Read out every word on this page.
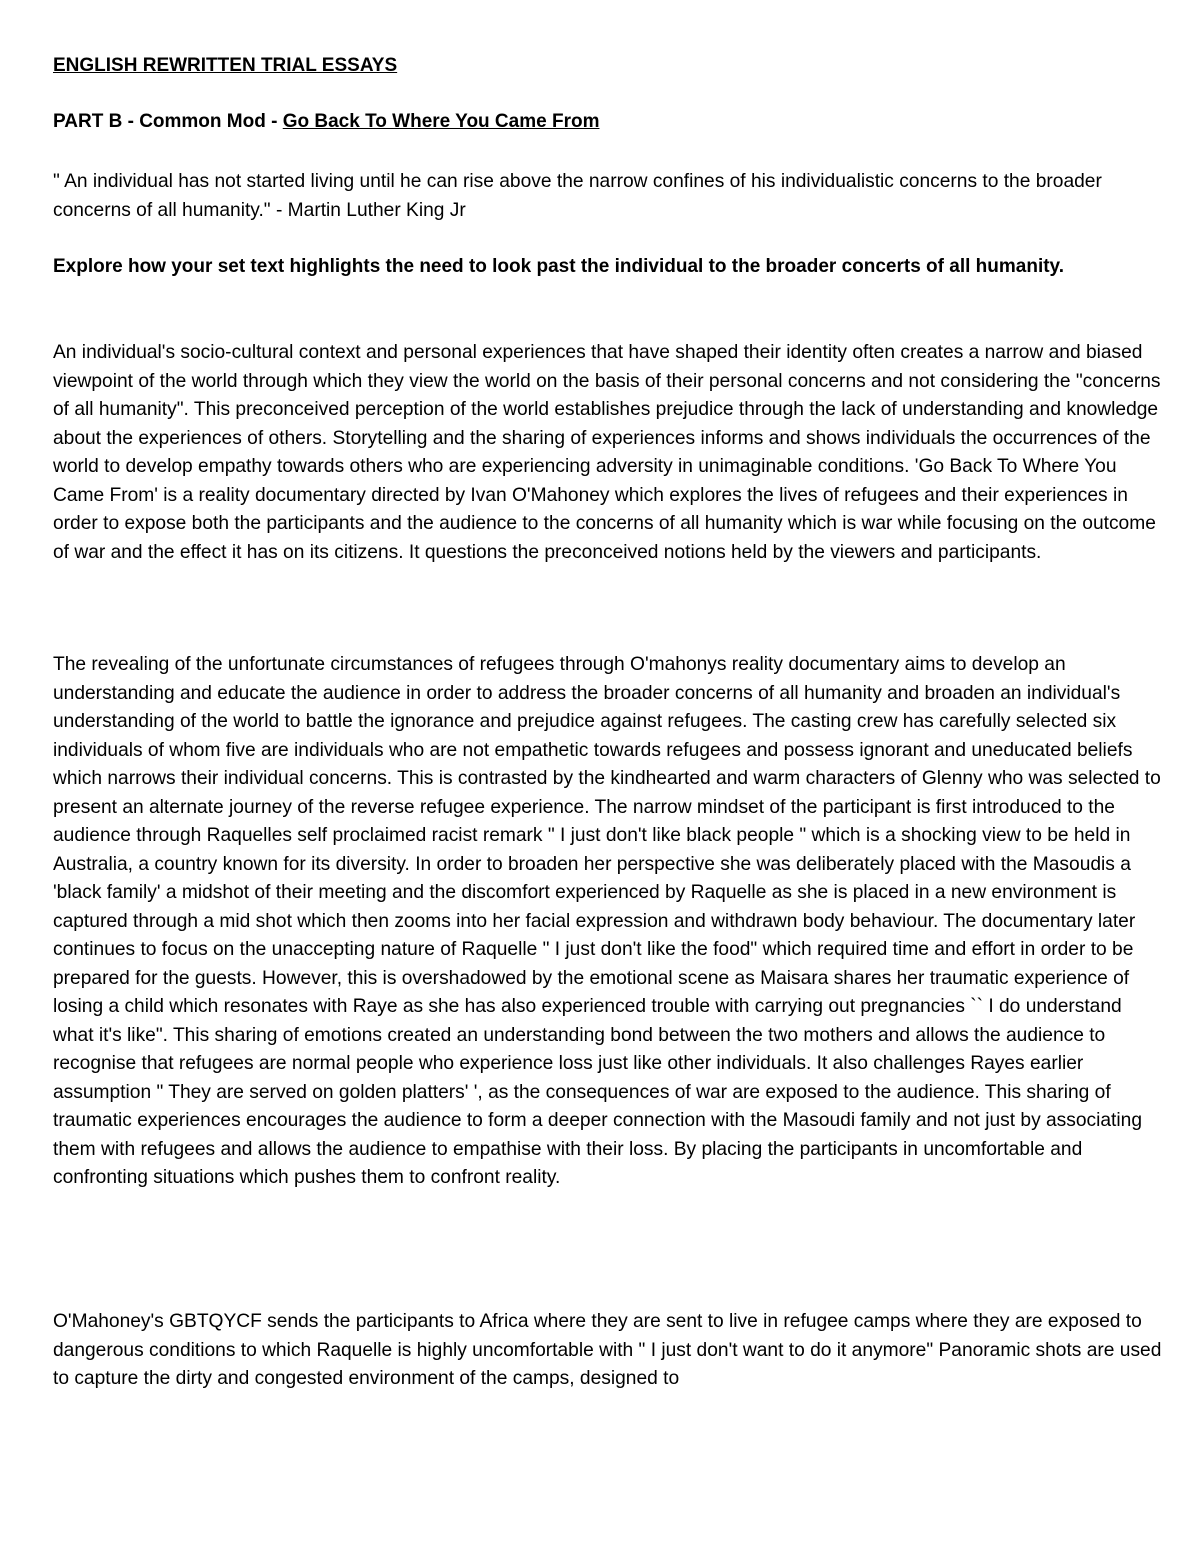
ENGLISH REWRITTEN TRIAL ESSAYS
PART B - Common Mod - Go Back To Where You Came From

" An individual has not started living until he can rise above the narrow confines of his individualistic concerns to the broader concerns of all humanity." - Martin Luther King Jr

Explore how your set text highlights the need to look past the individual to the broader concerts of all humanity.

An individual's socio-cultural context and personal experiences that have shaped their identity often creates a narrow and biased viewpoint of the world through which they view the world on the basis of their personal concerns and not considering the "concerns of all humanity". This preconceived perception of the world establishes prejudice through the lack of understanding and knowledge about the experiences of others. Storytelling and the sharing of experiences informs and shows individuals the occurrences of the world to develop empathy towards others who are experiencing adversity in unimaginable conditions. 'Go Back To Where You Came From' is a reality documentary directed by Ivan O'Mahoney which explores the lives of refugees and their experiences in order to expose both the participants and the audience to the concerns of all humanity which is war while focusing on the outcome of war and the effect it has on its citizens. It questions the preconceived notions held by the viewers and participants.

The revealing of the unfortunate circumstances of refugees through O'mahonys reality documentary aims to develop an understanding and educate the audience in order to address the broader concerns of all humanity and broaden an individual's understanding of the world to battle the ignorance and prejudice against refugees. The casting crew has carefully selected six individuals of whom five are individuals who are not empathetic towards refugees and possess ignorant and uneducated beliefs which narrows their individual concerns. This is contrasted by the kindhearted and warm characters of Glenny who was selected to present an alternate journey of the reverse refugee experience. The narrow mindset of the participant is first introduced to the audience through Raquelles self proclaimed racist remark " I just don't like black people " which is a shocking view to be held in Australia, a country known for its diversity. In order to broaden her perspective she was deliberately placed with the Masoudis a 'black family' a midshot of their meeting and the discomfort experienced by Raquelle as she is placed in a new environment is captured through a mid shot which then zooms into her facial expression and withdrawn body behaviour. The documentary later continues to focus on the unaccepting nature of Raquelle " I just don't like the food" which required time and effort in order to be prepared for the guests. However, this is overshadowed by the emotional scene as Maisara shares her traumatic experience of losing a child which resonates with Raye as she has also experienced trouble with carrying out pregnancies `` I do understand what it's like". This sharing of emotions created an understanding bond between the two mothers and allows the audience to recognise that refugees are normal people who experience loss just like other individuals. It also challenges Rayes earlier assumption " They are served on golden platters' ', as the consequences of war are exposed to the audience. This sharing of traumatic experiences encourages the audience to form a deeper connection with the Masoudi family and not just by associating them with refugees and allows the audience to empathise with their loss. By placing the participants in uncomfortable and confronting situations which pushes them to confront reality.

O'Mahoney's GBTQYCF sends the participants to Africa where they are sent to live in refugee camps where they are exposed to dangerous conditions to which Raquelle is highly uncomfortable with " I just don't want to do it anymore" Panoramic shots are used to capture the dirty and congested environment of the camps, designed to
